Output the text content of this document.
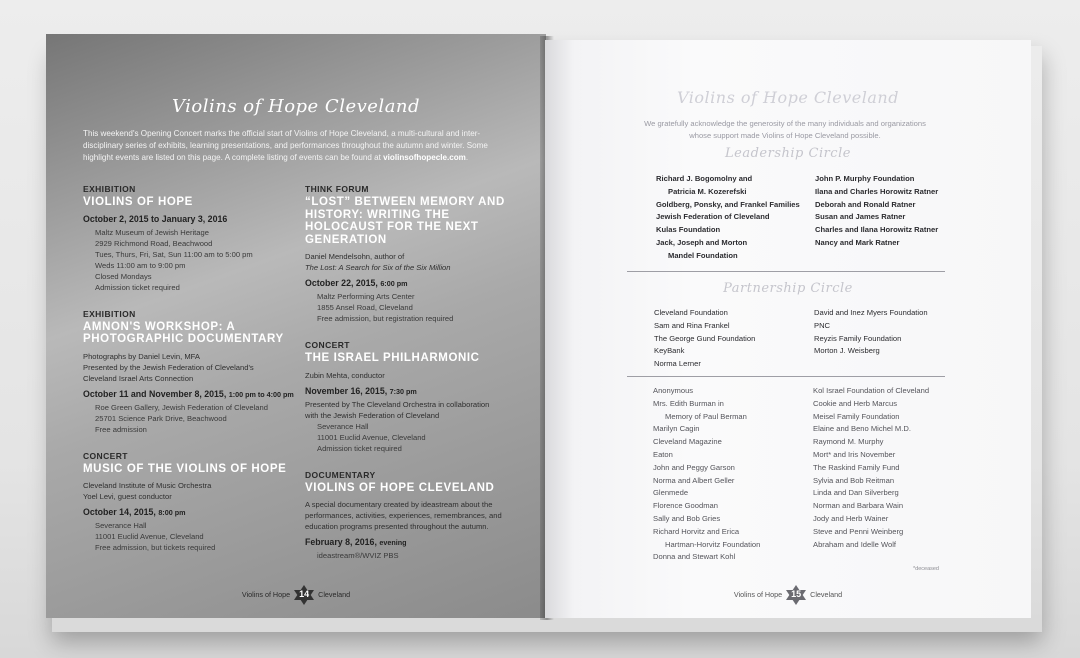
Violins of Hope Cleveland
This weekend's Opening Concert marks the official start of Violins of Hope Cleveland, a multi-cultural and inter-disciplinary series of exhibits, learning presentations, and performances throughout the autumn and winter. Some highlight events are listed on this page. A complete listing of events can be found at violinsofhopecle.com.
EXHIBITION
VIOLINS OF HOPE
October 2, 2015 to January 3, 2016
Maltz Museum of Jewish Heritage
2929 Richmond Road, Beachwood
Tues, Thurs, Fri, Sat, Sun 11:00 am to 5:00 pm
Weds 11:00 am to 9:00 pm
Closed Mondays
Admission ticket required
EXHIBITION
AMNON'S WORKSHOP: A PHOTOGRAPHIC DOCUMENTARY
Photographs by Daniel Levin, MFA
Presented by the Jewish Federation of Cleveland's
Cleveland Israel Arts Connection
October 11 and November 8, 2015, 1:00 pm to 4:00 pm
Roe Green Gallery, Jewish Federation of Cleveland
25701 Science Park Drive, Beachwood
Free admission
CONCERT
MUSIC OF THE VIOLINS OF HOPE
Cleveland Institute of Music Orchestra
Yoel Levi, guest conductor
October 14, 2015, 8:00 pm
Severance Hall
11001 Euclid Avenue, Cleveland
Free admission, but tickets required
THINK FORUM
“LOST” BETWEEN MEMORY AND HISTORY: WRITING THE HOLOCAUST FOR THE NEXT GENERATION
Daniel Mendelsohn, author of
The Lost: A Search for Six of the Six Million
October 22, 2015, 6:00 pm
Maltz Performing Arts Center
1855 Ansel Road, Cleveland
Free admission, but registration required
CONCERT
THE ISRAEL PHILHARMONIC
Zubin Mehta, conductor
November 16, 2015, 7:30 pm
Presented by The Cleveland Orchestra in collaboration
with the Jewish Federation of Cleveland
Severance Hall
11001 Euclid Avenue, Cleveland
Admission ticket required
DOCUMENTARY
VIOLINS OF HOPE CLEVELAND
A special documentary created by ideastream about the
performances, activities, experiences, remembrances, and
education programs presented throughout the autumn.
February 8, 2016, evening
ideastream®/WVIZ PBS
Violins of Hope 14	Cleveland
Violins of Hope Cleveland
We gratefully acknowledge the generosity of the many individuals and organizations whose support made Violins of Hope Cleveland possible.
Leadership Circle
Richard J. Bogomolny and
Patricia M. Kozerefski
Goldberg, Ponsky, and Frankel Families
Jewish Federation of Cleveland
Kulas Foundation
Jack, Joseph and Morton
Mandel Foundation
John P. Murphy Foundation
Ilana and Charles Horowitz Ratner
Deborah and Ronald Ratner
Susan and James Ratner
Charles and Ilana Horowitz Ratner
Nancy and Mark Ratner
Partnership Circle
Cleveland Foundation
Sam and Rina Frankel
The George Gund Foundation
KeyBank
Norma Lerner
David and Inez Myers Foundation
PNC
Reyzis Family Foundation
Morton J. Weisberg
Anonymous
Mrs. Edith Burman in
Memory of Paul Berman
Marilyn Cagin
Cleveland Magazine
Eaton
John and Peggy Garson
Norma and Albert Geller
Glenmede
Florence Goodman
Sally and Bob Gries
Richard Horvitz and Erica
Hartman-Horvitz Foundation
Donna and Stewart Kohl
Kol Israel Foundation of Cleveland
Cookie and Herb Marcus
Meisel Family Foundation
Elaine and Beno Michel M.D.
Raymond M. Murphy
Mort* and Iris November
The Raskind Family Fund
Sylvia and Bob Reitman
Linda and Dan Silverberg
Norman and Barbara Wain
Jody and Herb Wainer
Steve and Penni Weinberg
Abraham and Idelle Wolf
*deceased
Violins of Hope 15	Cleveland
